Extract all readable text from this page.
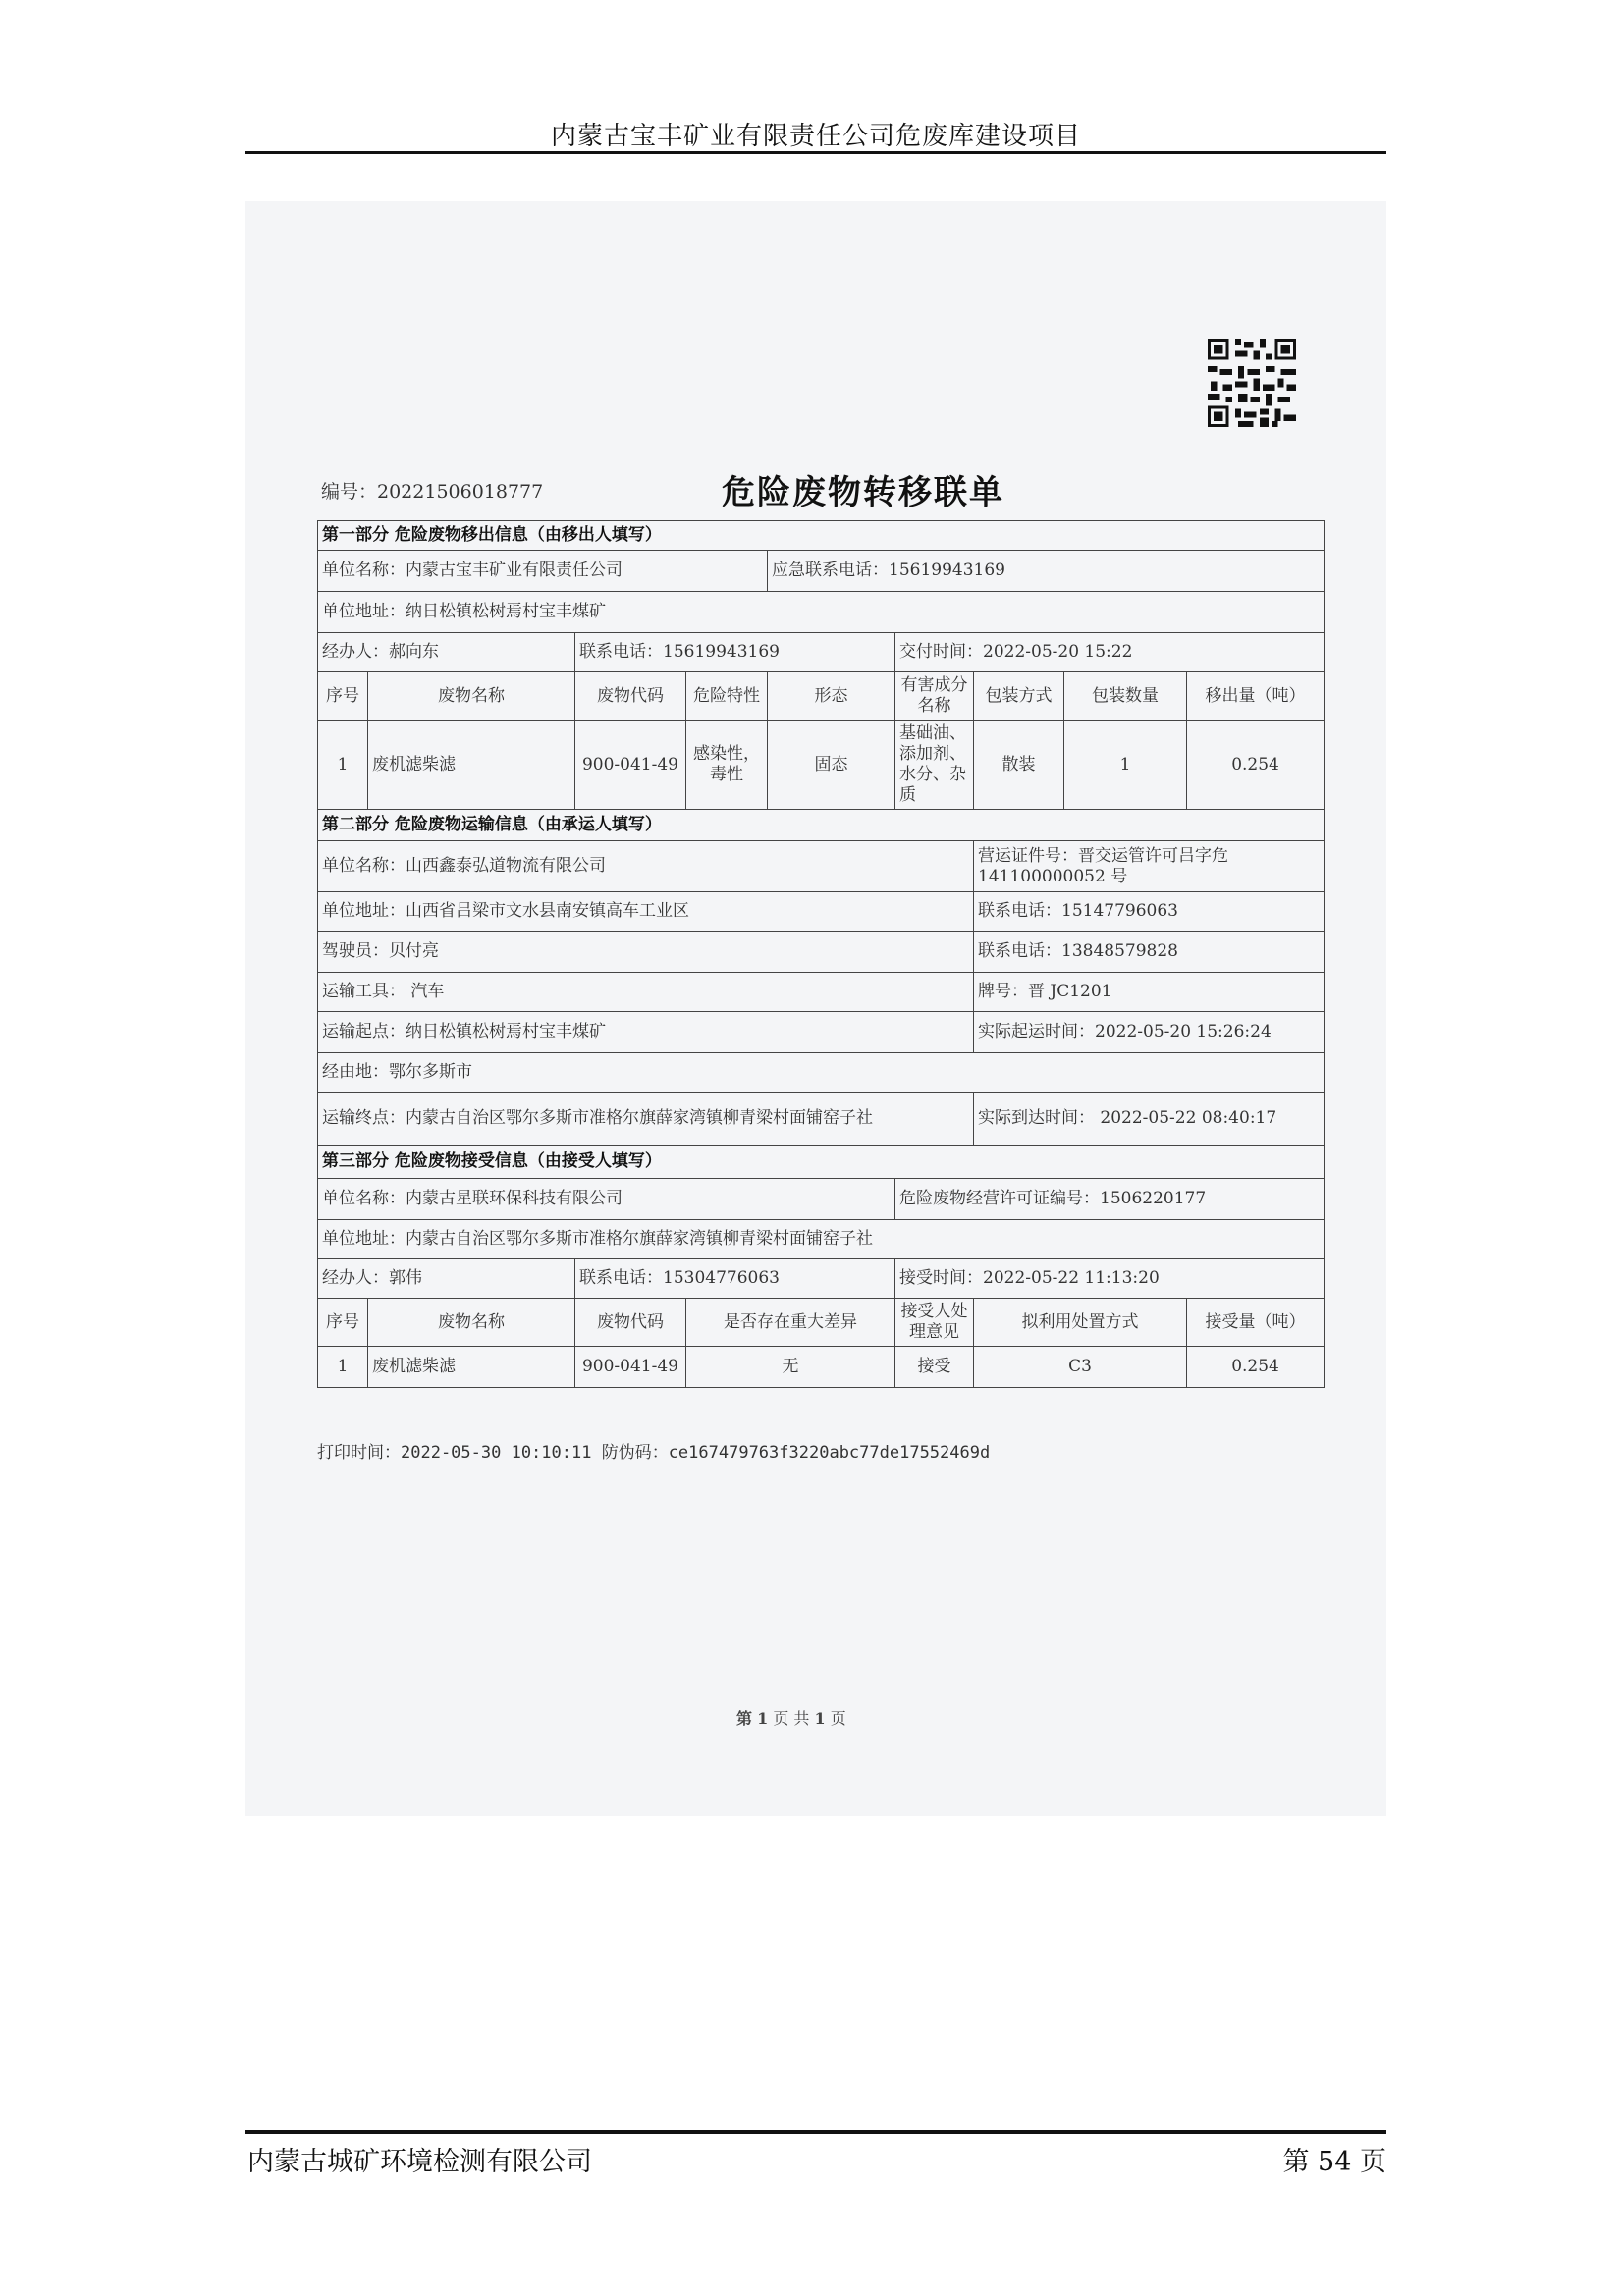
内蒙古宝丰矿业有限责任公司危废库建设项目
编号：20221506018777	危险废物转移联单
第一部分 危险废物移出信息（由移出人填写）								
单位名称：内蒙古宝丰矿业有限责任公司				应急联系电话：15619943169				
单位地址：纳日松镇松树焉村宝丰煤矿								
经办人：郝向东		联系电话：15619943169			交付时间：2022-05-20 15:22			
序号	废物名称	废物代码	危险特性	形态	有害成分名称	包装方式	包装数量	移出量（吨）
1	废机滤柴滤	900-041-49	感染性，毒性	固态	基础油、添加剂、水分、杂质	散装	1	0.254
第二部分 危险废物运输信息（由承运人填写）								
单位名称：山西鑫泰弘道物流有限公司						营运证件号：晋交运管许可吕字危141100000052 号		
单位地址：山西省吕梁市文水县南安镇高车工业区						联系电话：15147796063		
驾驶员：贝付亮						联系电话：13848579828		
运输工具： 汽车						牌号：晋 JC1201		
运输起点：纳日松镇松树焉村宝丰煤矿						实际起运时间：2022-05-20 15:26:24		
经由地：鄂尔多斯市								
运输终点：内蒙古自治区鄂尔多斯市准格尔旗薛家湾镇柳青梁村面铺窑子社						实际到达时间： 2022-05-22 08:40:17		
第三部分 危险废物接受信息（由接受人填写）								
单位名称：内蒙古星联环保科技有限公司					危险废物经营许可证编号：1506220177			
单位地址：内蒙古自治区鄂尔多斯市准格尔旗薛家湾镇柳青梁村面铺窑子社								
经办人：郭伟		联系电话：15304776063			接受时间：2022-05-22 11:13:20			
序号	废物名称	废物代码	是否存在重大差异		接受人处理意见	拟利用处置方式		接受量（吨）
1	废机滤柴滤	900-041-49	无		接受	C3		0.254
打印时间：2022-05-30 10:10:11 防伪码：ce167479763f3220abc77de17552469d
第 1 页 共 1 页
内蒙古城矿环境检测有限公司	第 54 页
